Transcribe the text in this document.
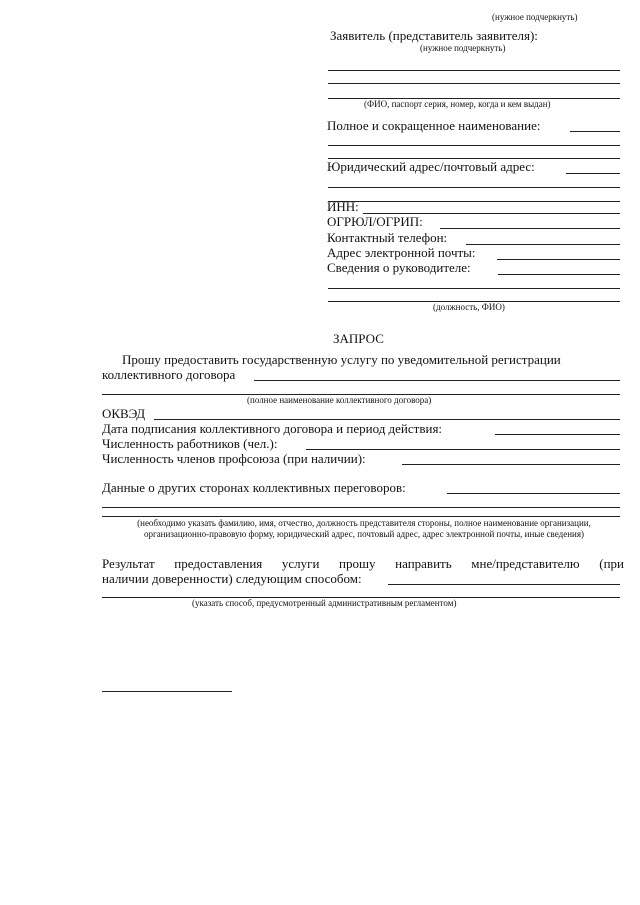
(нужное подчеркнуть)
Заявитель (представитель заявителя):
(нужное подчеркнуть)
(ФИО, паспорт серия, номер, когда и кем выдан)
Полное и сокращенное наименование:
Юридический адрес/почтовый адрес:
ИНН:
ОГРЮЛ/ОГРИП:
Контактный телефон:
Адрес электронной почты:
Сведения о руководителе:
(должность, ФИО)
ЗАПРОС
Прошу предоставить государственную услугу по уведомительной регистрации
коллективного договора
(полное наименование коллективного договора)
ОКВЭД
Дата подписания коллективного договора и период действия:
Численность работников (чел.):
Численность членов профсоюза (при наличии):
Данные о других сторонах коллективных переговоров:
(необходимо указать фамилию, имя, отчество, должность представителя стороны, полное наименование организации, организационно-правовую форму, юридический адрес, почтовый адрес, адрес электронной почты, иные сведения)
Результат предоставления услуги прошу направить мне/представителю (при
наличии доверенности) следующим способом:
(указать способ, предусмотренный административным регламентом)
